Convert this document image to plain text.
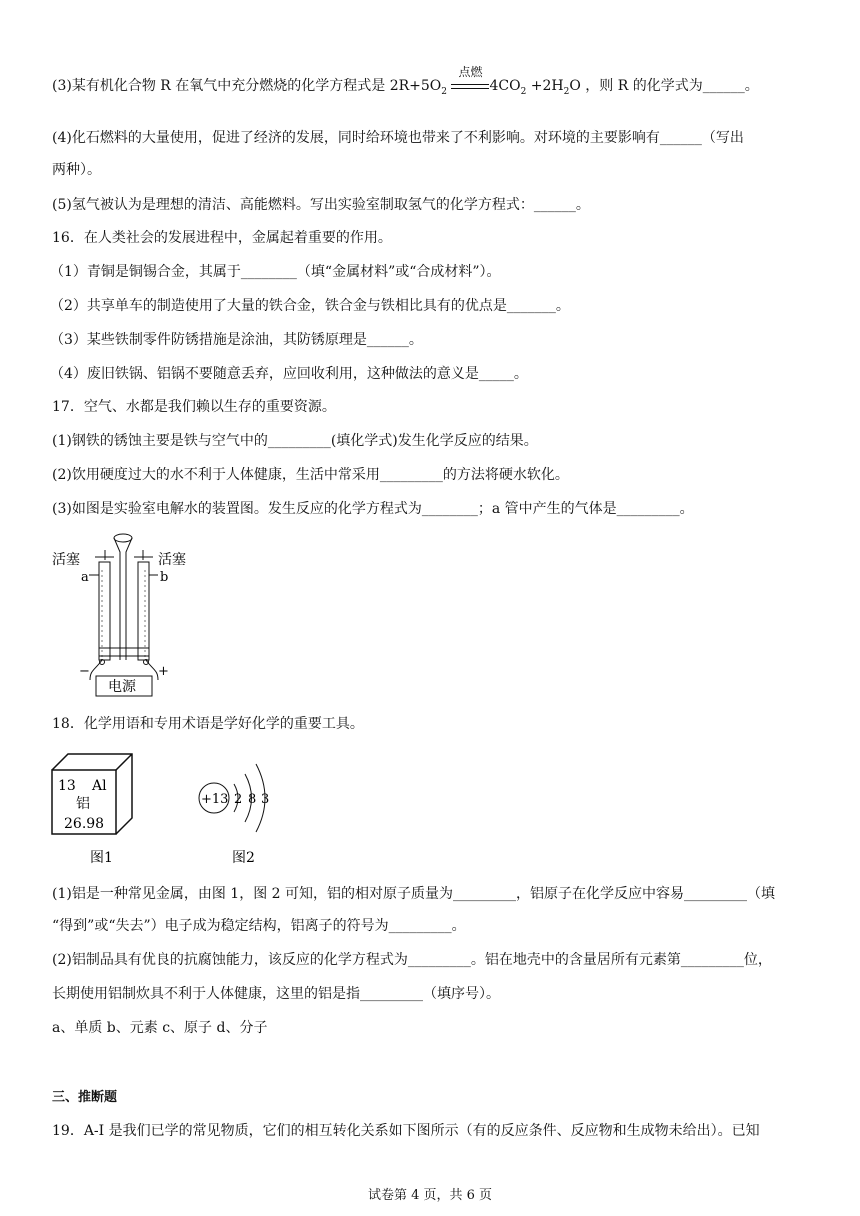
(3)某有机化合物 R 在氧气中充分燃烧的化学方程式是 $2R+5O_2$
点燃
$4CO_2 +2H_2O$ ，则 R 的化学式为______。
(4)化石燃料的大量使用，促进了经济的发展，同时给环境也带来了不利影响。对环境的主要影响有______（写出
两种）。
(5)氢气被认为是理想的清洁、高能燃料。写出实验室制取氢气的化学方程式：______。
16．在人类社会的发展进程中，金属起着重要的作用。
（1）青铜是铜锡合金，其属于________（填“金属材料”或“合成材料”）。
（2）共享单车的制造使用了大量的铁合金，铁合金与铁相比具有的优点是_______。
（3）某些铁制零件防锈措施是涂油，其防锈原理是______。
（4）废旧铁锅、铝锅不要随意丢弃，应回收利用，这种做法的意义是_____。
17．空气、水都是我们赖以生存的重要资源。
(1)钢铁的锈蚀主要是铁与空气中的_________(填化学式)发生化学反应的结果。
(2)饮用硬度过大的水不利于人体健康，生活中常采用_________的方法将硬水软化。
(3)如图是实验室电解水的装置图。发生反应的化学方程式为________；a 管中产生的气体是_________。
活塞	活塞
a	b
−	+
电源
18．化学用语和专用术语是学好化学的重要工具。
13 Al
铝
26.98
图1
+13 2 8 3
图2
(1)铝是一种常见金属，由图 1，图 2 可知，铝的相对原子质量为_________，铝原子在化学反应中容易_________（填
“得到”或“失去”）电子成为稳定结构，铝离子的符号为_________。
(2)铝制品具有优良的抗腐蚀能力，该反应的化学方程式为_________。铝在地壳中的含量居所有元素第_________位，
长期使用铝制炊具不利于人体健康，这里的铝是指_________（填序号）。
a、单质 b、元素 c、原子 d、分子
三、推断题
19．A-I 是我们已学的常见物质，它们的相互转化关系如下图所示（有的反应条件、反应物和生成物未给出）。已知
试卷第 4 页，共 6 页
